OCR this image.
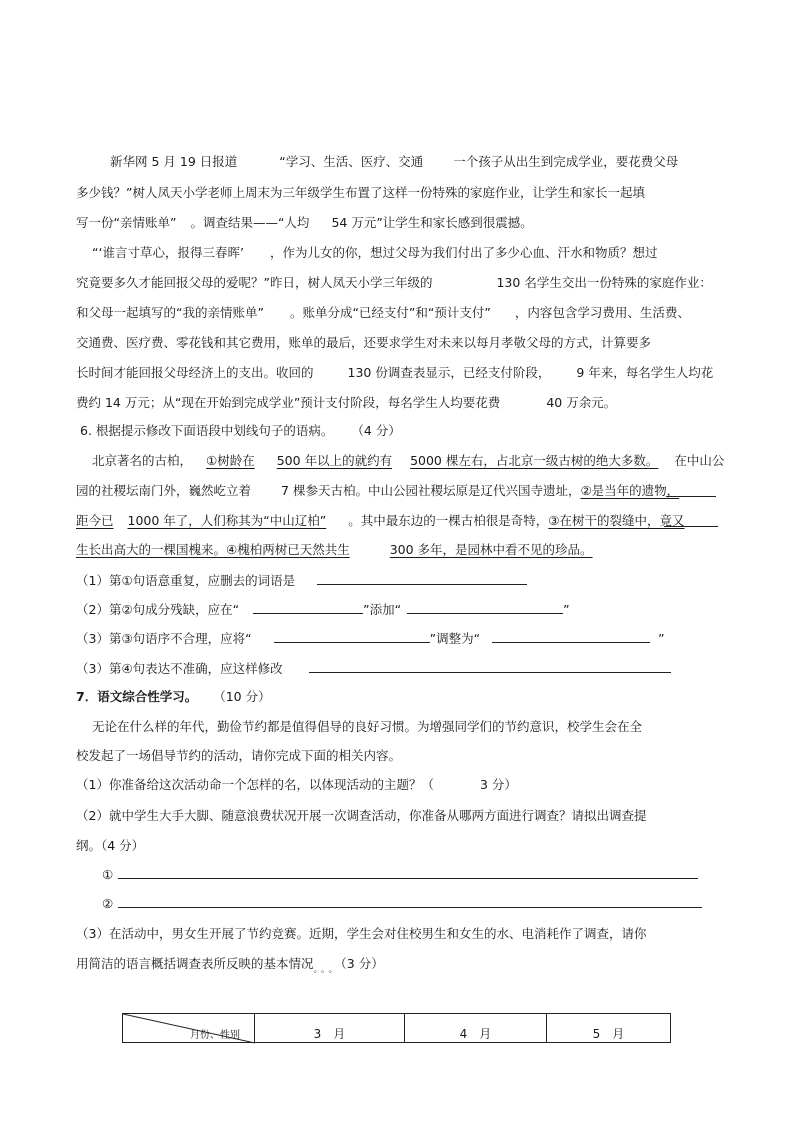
新华网 5 月 19 日报道	“学习、生活、医疗、交通 一个孩子从出生到完成学业，要花费父母
多少钱？”树人凤天小学老师上周末为三年级学生布置了这样一份特殊的家庭作业，让学生和家长一起填
写一份“亲情账单” 。调查结果——“人均 54 万元”让学生和家长感到很震撼。
“‘谁言寸草心，报得三春晖’ ，作为儿女的你，想过父母为我们付出了多少心血、汗水和物质？想过
究竟要多久才能回报父母的爱呢？”昨日，树人凤天小学三年级的	130 名学生交出一份特殊的家庭作业：
和父母一起填写的“我的亲情账单” 。账单分成“已经支付”和“预计支付” ，内容包含学习费用、生活费、
交通费、医疗费、零花钱和其它费用，账单的最后，还要求学生对未来以每月孝敬父母的方式，计算要多
长时间才能回报父母经济上的支出。收回的	130 份调查表显示，已经支付阶段， 9 年来，每名学生人均花
费约 14 万元；从“现在开始到完成学业”预计支付阶段，每名学生人均要花费	40 万余元。
6. 根据提示修改下面语段中划线句子的语病。 （4 分）
北京著名的古柏， ①树龄在 500 年以上的就约有 5000 棵左右，占北京一级古树的绝大多数。 在中山公
园的社稷坛南门外，巍然屹立着 7 棵参天古柏。中山公园社稷坛原是辽代兴国寺遗址，②是当年的遗物，
距今已 1000 年了，人们称其为“中山辽柏” 。其中最东边的一棵古柏很是奇特，③在树干的裂缝中，竟又
生长出高大的一棵国槐来。④槐柏两树已天然共生	300 多年，是园林中看不见的珍品。
（1）第①句语意重复，应删去的词语是
（2）第②句成分残缺，应在“	”添加“	”
（3）第③句语序不合理，应将“	”调整为“	”
（3）第④句表达不准确，应这样修改
7．语文综合性学习。 （10 分）
无论在什么样的年代，勤俭节约都是值得倡导的良好习惯。为增强同学们的节约意识，校学生会在全
校发起了一场倡导节约的活动，请你完成下面的相关内容。
（1）你准备给这次活动命一个怎样的名，以体现活动的主题？（	3 分）
（2）就中学生大手大脚、随意浪费状况开展一次调查活动，你准备从哪两方面进行调查？请拟出调查提
纲。（4 分）
①
②
（3）在活动中，男女生开展了节约竞赛。近期，学生会对住校男生和女生的水、电消耗作了调查，请你
用简洁的语言概括调查表所反映的基本情况$_{。。。}$（3 分）
月份、性别	3　月	4　月	5　月
